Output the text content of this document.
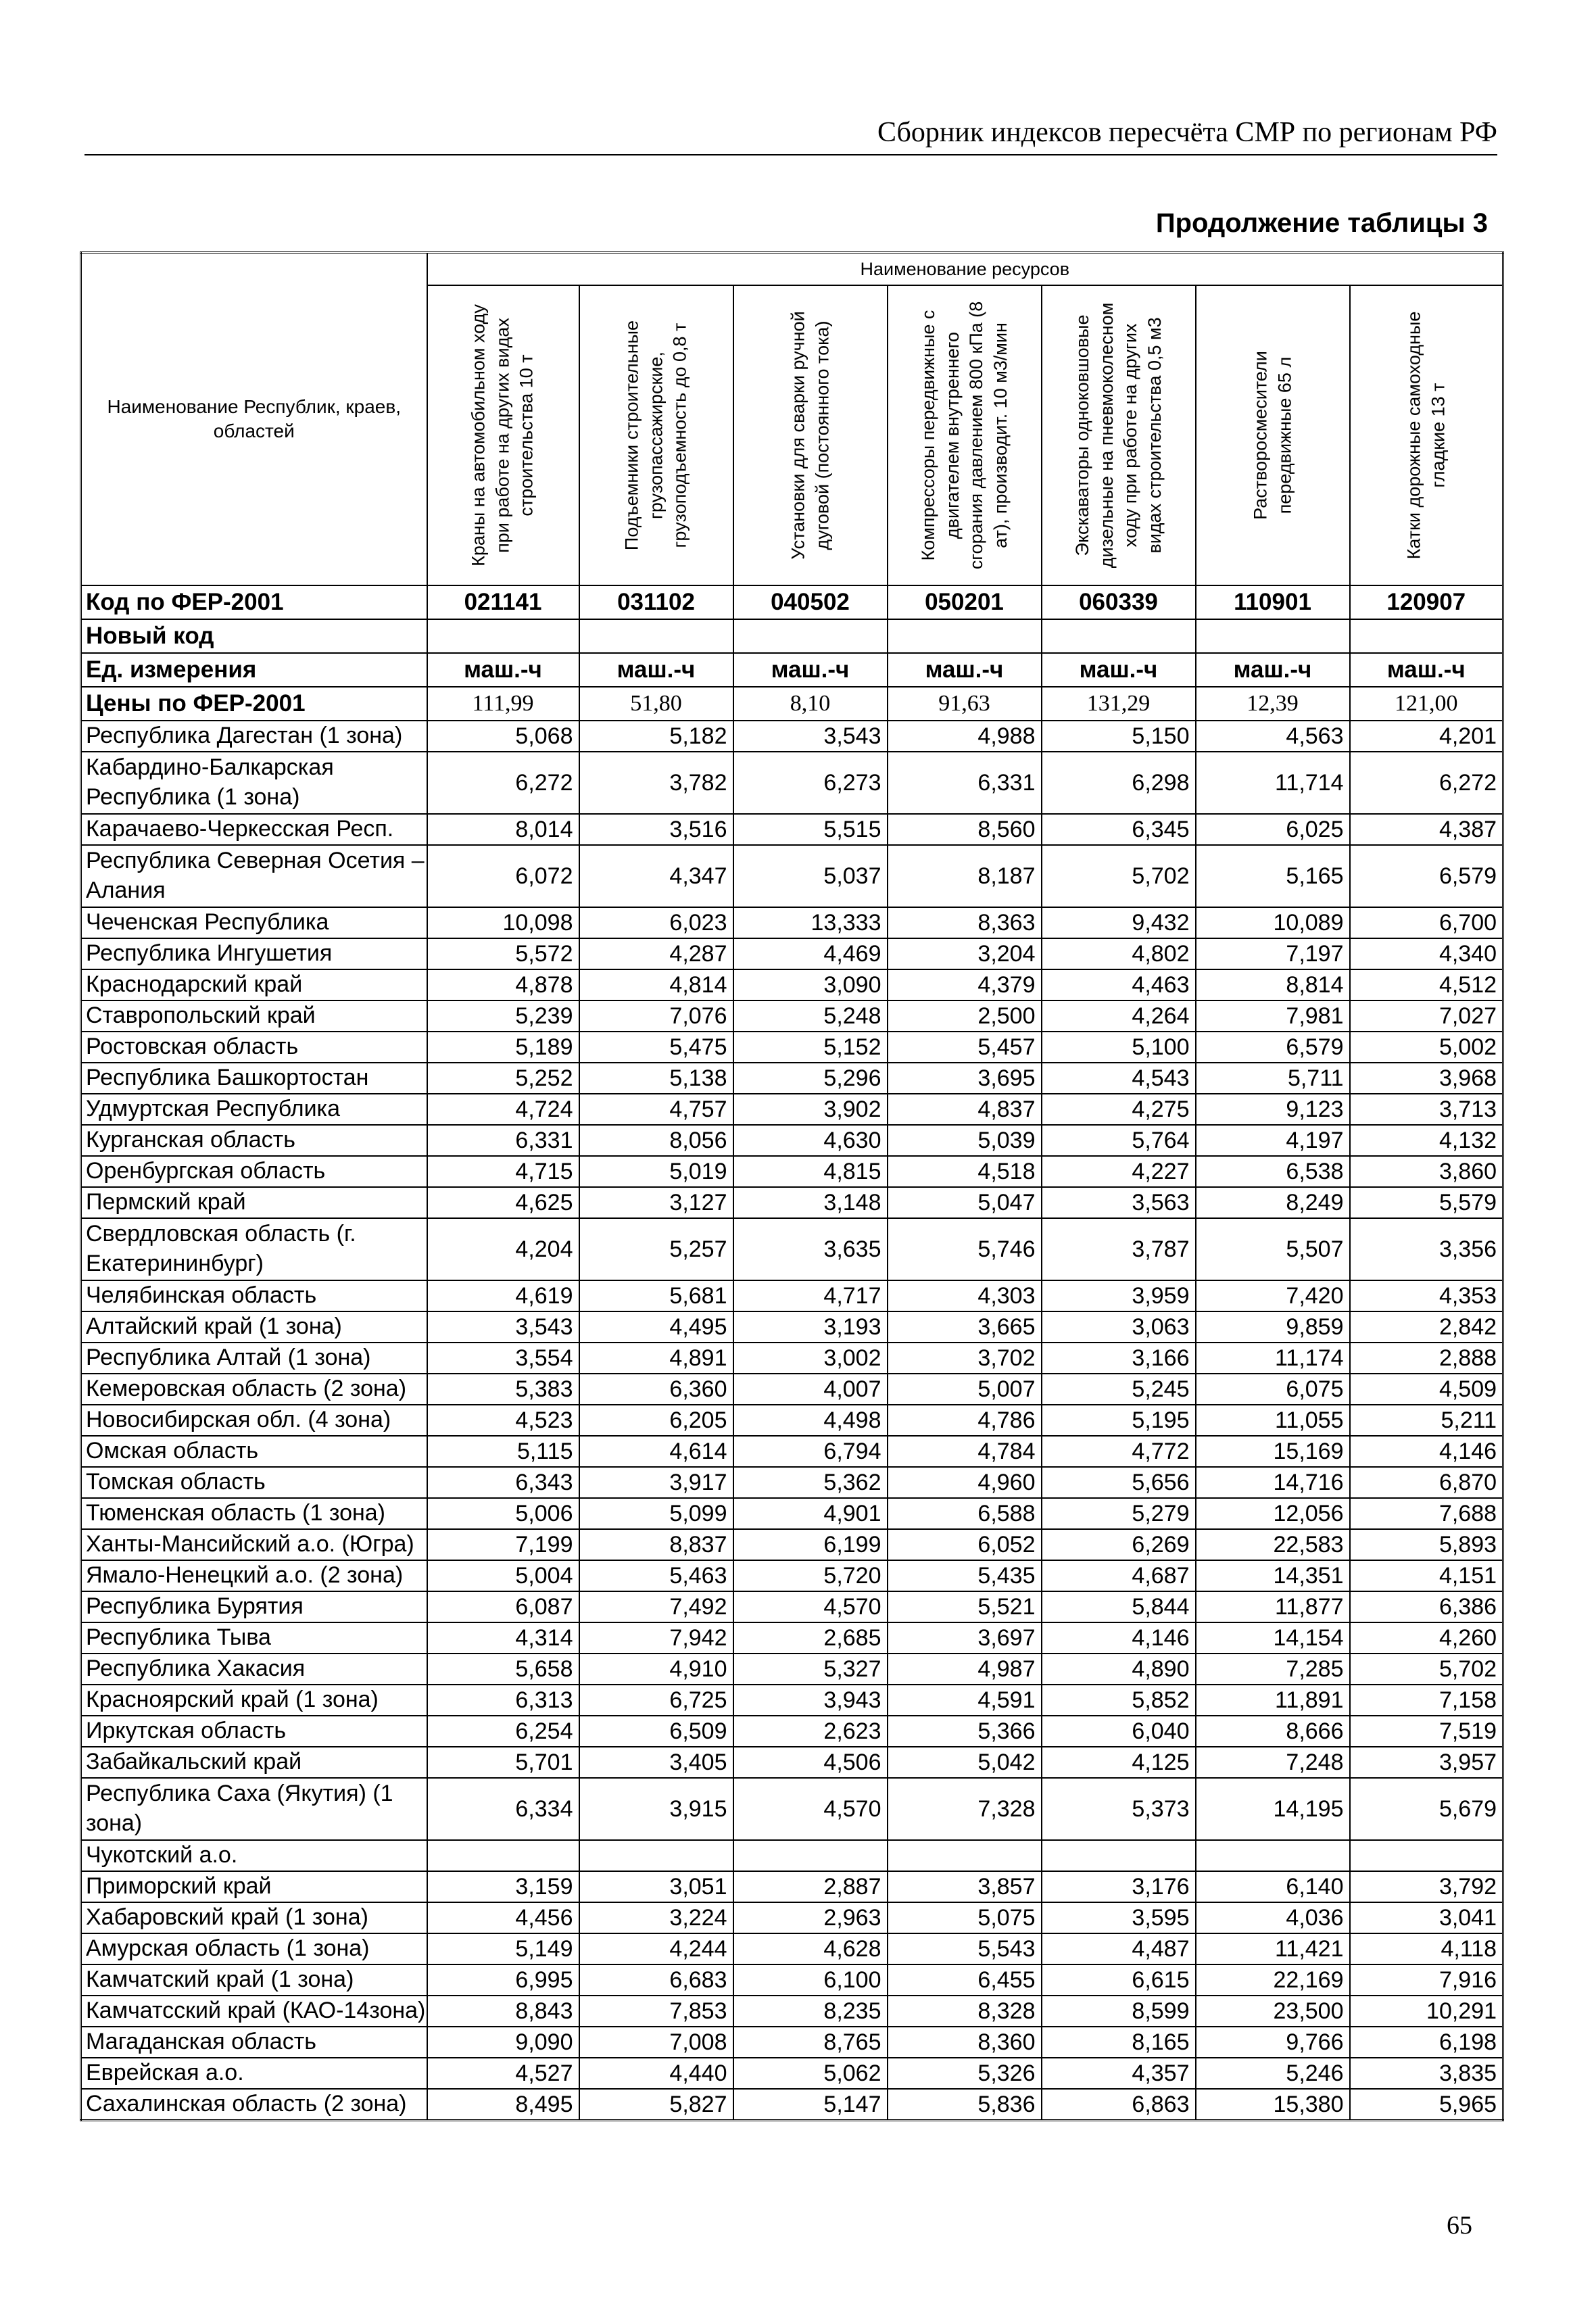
Сборник индексов пересчёта СМР по регионам РФ
Продолжение таблицы 3
Наименование Республик, краев, областей	Наименование ресурсов						

	Краны на автомобильном ходу при работе на других видах строительства 10 т	Подъемники строительные грузопассажирские, грузоподъемность до 0,8 т	Установки для сварки ручной дуговой (постоянного тока)	Компрессоры передвижные с двигателем внутреннего сгорания давлением 800 кПа (8 ат), производит. 10 м3/мин	Экскаваторы одноковшовые дизельные на пневмоколесном ходу при работе на других видах строительства 0,5 м3	Растворосмесители передвижные 65 л	Катки дорожные самоходные гладкие 13 т

Код по ФЕР-2001	021141	031102	040502	050201	060339	110901	120907
Новый код							
Ед. измерения	маш.-ч	маш.-ч	маш.-ч	маш.-ч	маш.-ч	маш.-ч	маш.-ч
Цены по ФЕР-2001	111,99	51,80	8,10	91,63	131,29	12,39	121,00
Республика Дагестан (1 зона)	5,068	5,182	3,543	4,988	5,150	4,563	4,201
Кабардино-Балкарская Республика (1 зона)	6,272	3,782	6,273	6,331	6,298	11,714	6,272
Карачаево-Черкесская Респ.	8,014	3,516	5,515	8,560	6,345	6,025	4,387
Республика Северная Осетия – Алания	6,072	4,347	5,037	8,187	5,702	5,165	6,579
Чеченская Республика	10,098	6,023	13,333	8,363	9,432	10,089	6,700
Республика Ингушетия	5,572	4,287	4,469	3,204	4,802	7,197	4,340
Краснодарский край	4,878	4,814	3,090	4,379	4,463	8,814	4,512
Ставропольский край	5,239	7,076	5,248	2,500	4,264	7,981	7,027
Ростовская область	5,189	5,475	5,152	5,457	5,100	6,579	5,002
Республика Башкортостан	5,252	5,138	5,296	3,695	4,543	5,711	3,968
Удмуртская Республика	4,724	4,757	3,902	4,837	4,275	9,123	3,713
Курганская область	6,331	8,056	4,630	5,039	5,764	4,197	4,132
Оренбургская область	4,715	5,019	4,815	4,518	4,227	6,538	3,860
Пермский край	4,625	3,127	3,148	5,047	3,563	8,249	5,579
Свердловская область (г. Екатерининбург)	4,204	5,257	3,635	5,746	3,787	5,507	3,356
Челябинская область	4,619	5,681	4,717	4,303	3,959	7,420	4,353
Алтайский край (1 зона)	3,543	4,495	3,193	3,665	3,063	9,859	2,842
Республика Алтай (1 зона)	3,554	4,891	3,002	3,702	3,166	11,174	2,888
Кемеровская область (2 зона)	5,383	6,360	4,007	5,007	5,245	6,075	4,509
Новосибирская обл. (4 зона)	4,523	6,205	4,498	4,786	5,195	11,055	5,211
Омская область	5,115	4,614	6,794	4,784	4,772	15,169	4,146
Томская область	6,343	3,917	5,362	4,960	5,656	14,716	6,870
Тюменская область (1 зона)	5,006	5,099	4,901	6,588	5,279	12,056	7,688
Ханты-Мансийский а.о. (Югра)	7,199	8,837	6,199	6,052	6,269	22,583	5,893
Ямало-Ненецкий а.о. (2 зона)	5,004	5,463	5,720	5,435	4,687	14,351	4,151
Республика Бурятия	6,087	7,492	4,570	5,521	5,844	11,877	6,386
Республика Тыва	4,314	7,942	2,685	3,697	4,146	14,154	4,260
Республика Хакасия	5,658	4,910	5,327	4,987	4,890	7,285	5,702
Красноярский край (1 зона)	6,313	6,725	3,943	4,591	5,852	11,891	7,158
Иркутская область	6,254	6,509	2,623	5,366	6,040	8,666	7,519
Забайкальский край	5,701	3,405	4,506	5,042	4,125	7,248	3,957
Республика Саха (Якутия) (1 зона)	6,334	3,915	4,570	7,328	5,373	14,195	5,679
Чукотский а.о.							
Приморский край	3,159	3,051	2,887	3,857	3,176	6,140	3,792
Хабаровский край (1 зона)	4,456	3,224	2,963	5,075	3,595	4,036	3,041
Амурская область (1 зона)	5,149	4,244	4,628	5,543	4,487	11,421	4,118
Камчатский край (1 зона)	6,995	6,683	6,100	6,455	6,615	22,169	7,916
Камчатсский край (КАО-14зона)	8,843	7,853	8,235	8,328	8,599	23,500	10,291
Магаданская область	9,090	7,008	8,765	8,360	8,165	9,766	6,198
Еврейская а.о.	4,527	4,440	5,062	5,326	4,357	5,246	3,835
Сахалинская область (2 зона)	8,495	5,827	5,147	5,836	6,863	15,380	5,965
65
